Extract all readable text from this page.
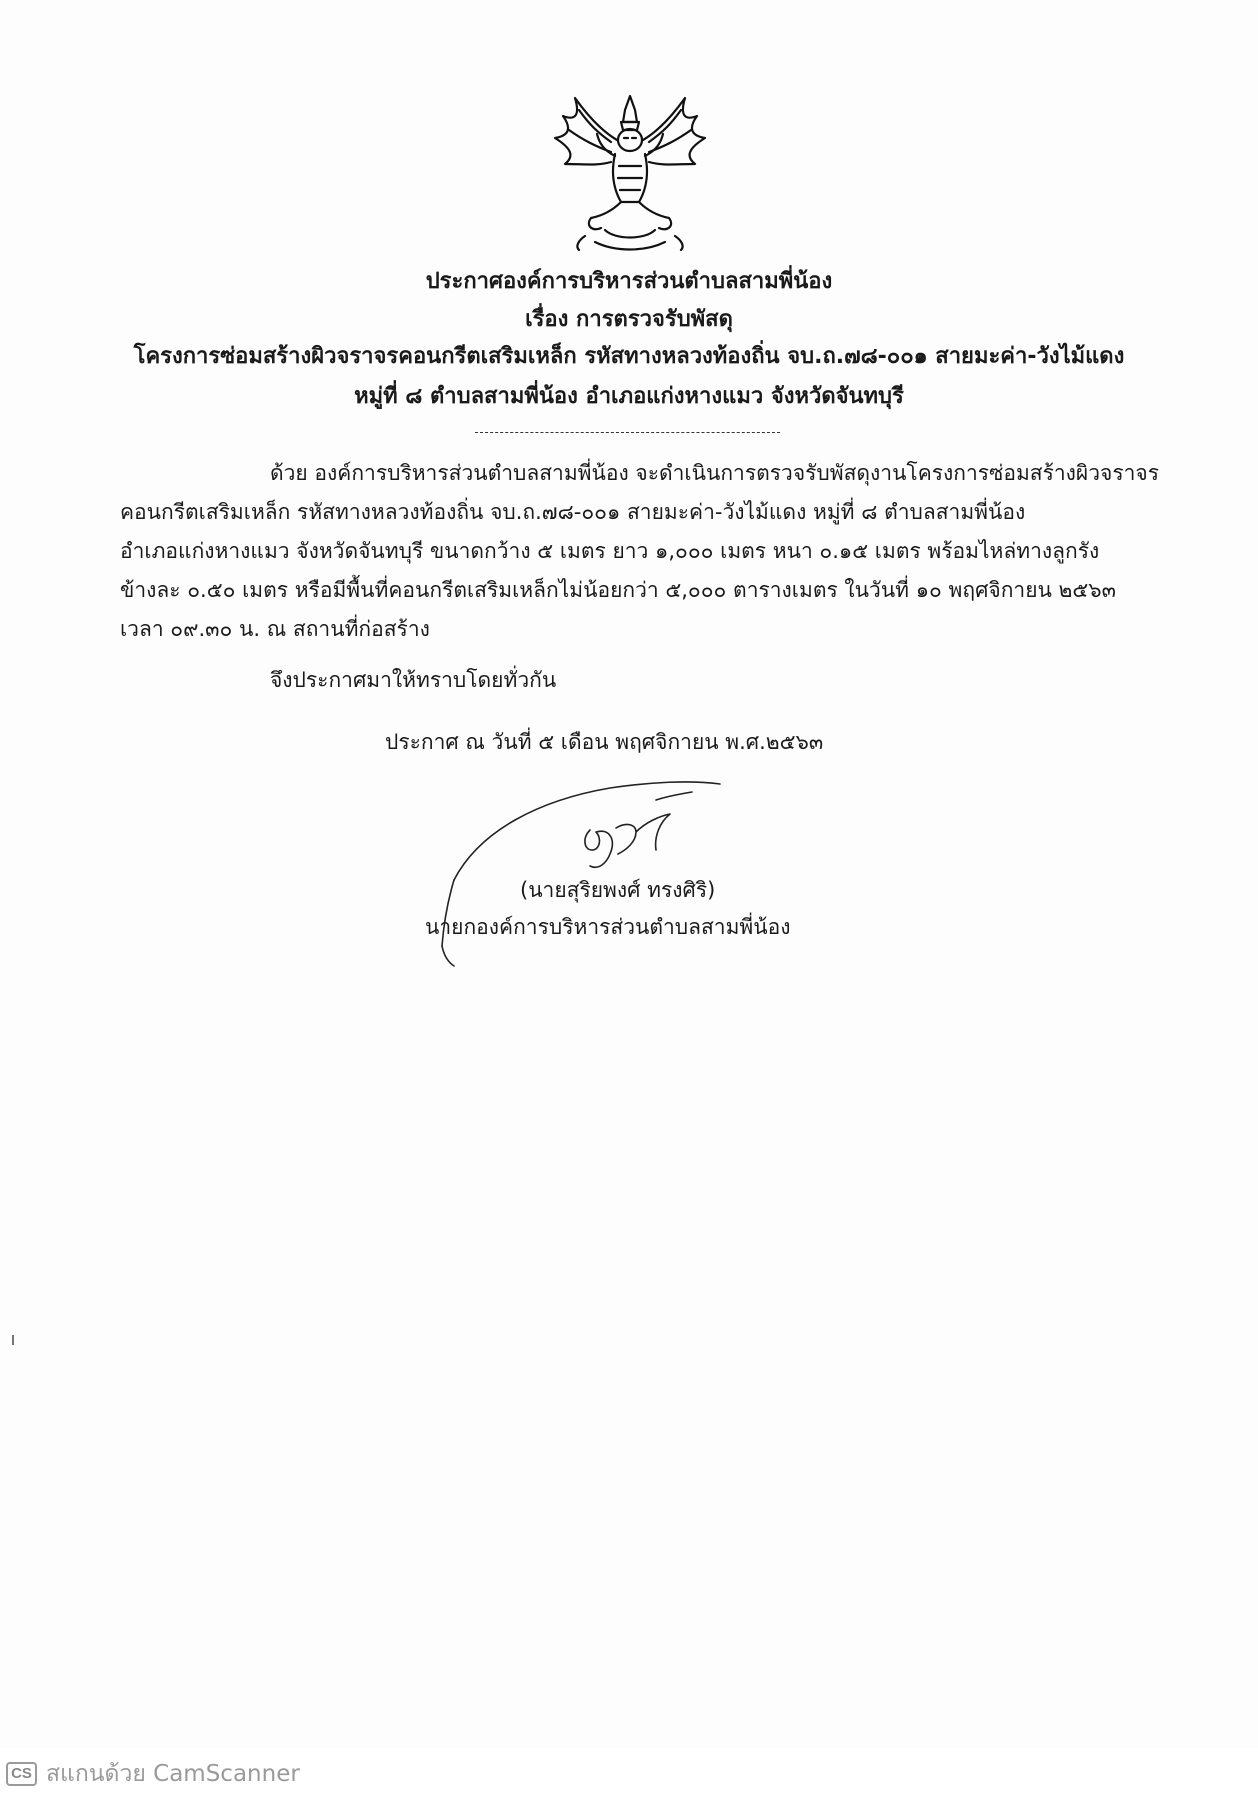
ประกาศองค์การบริหารส่วนตำบลสามพี่น้อง
เรื่อง การตรวจรับพัสดุ
โครงการซ่อมสร้างผิวจราจรคอนกรีตเสริมเหล็ก รหัสทางหลวงท้องถิ่น จบ.ถ.๗๘-๐๐๑ สายมะค่า-วังไม้แดง
หมู่ที่ ๘ ตำบลสามพี่น้อง อำเภอแก่งหางแมว จังหวัดจันทบุรี
ด้วย องค์การบริหารส่วนตำบลสามพี่น้อง จะดำเนินการตรวจรับพัสดุงานโครงการซ่อมสร้างผิวจราจร
คอนกรีตเสริมเหล็ก รหัสทางหลวงท้องถิ่น จบ.ถ.๗๘-๐๐๑ สายมะค่า-วังไม้แดง หมู่ที่ ๘ ตำบลสามพี่น้อง
อำเภอแก่งหางแมว จังหวัดจันทบุรี ขนาดกว้าง ๕ เมตร ยาว ๑,๐๐๐ เมตร หนา ๐.๑๕ เมตร พร้อมไหล่ทางลูกรัง
ข้างละ ๐.๕๐ เมตร หรือมีพื้นที่คอนกรีตเสริมเหล็กไม่น้อยกว่า ๕,๐๐๐ ตารางเมตร ในวันที่ ๑๐ พฤศจิกายน ๒๕๖๓
เวลา ๐๙.๓๐ น. ณ สถานที่ก่อสร้าง
จึงประกาศมาให้ทราบโดยทั่วกัน
ประกาศ ณ วันที่ ๕ เดือน พฤศจิกายน พ.ศ.๒๕๖๓
(นายสุริยพงศ์ ทรงศิริ)
นายกองค์การบริหารส่วนตำบลสามพี่น้อง
CS สแกนด้วย CamScanner
